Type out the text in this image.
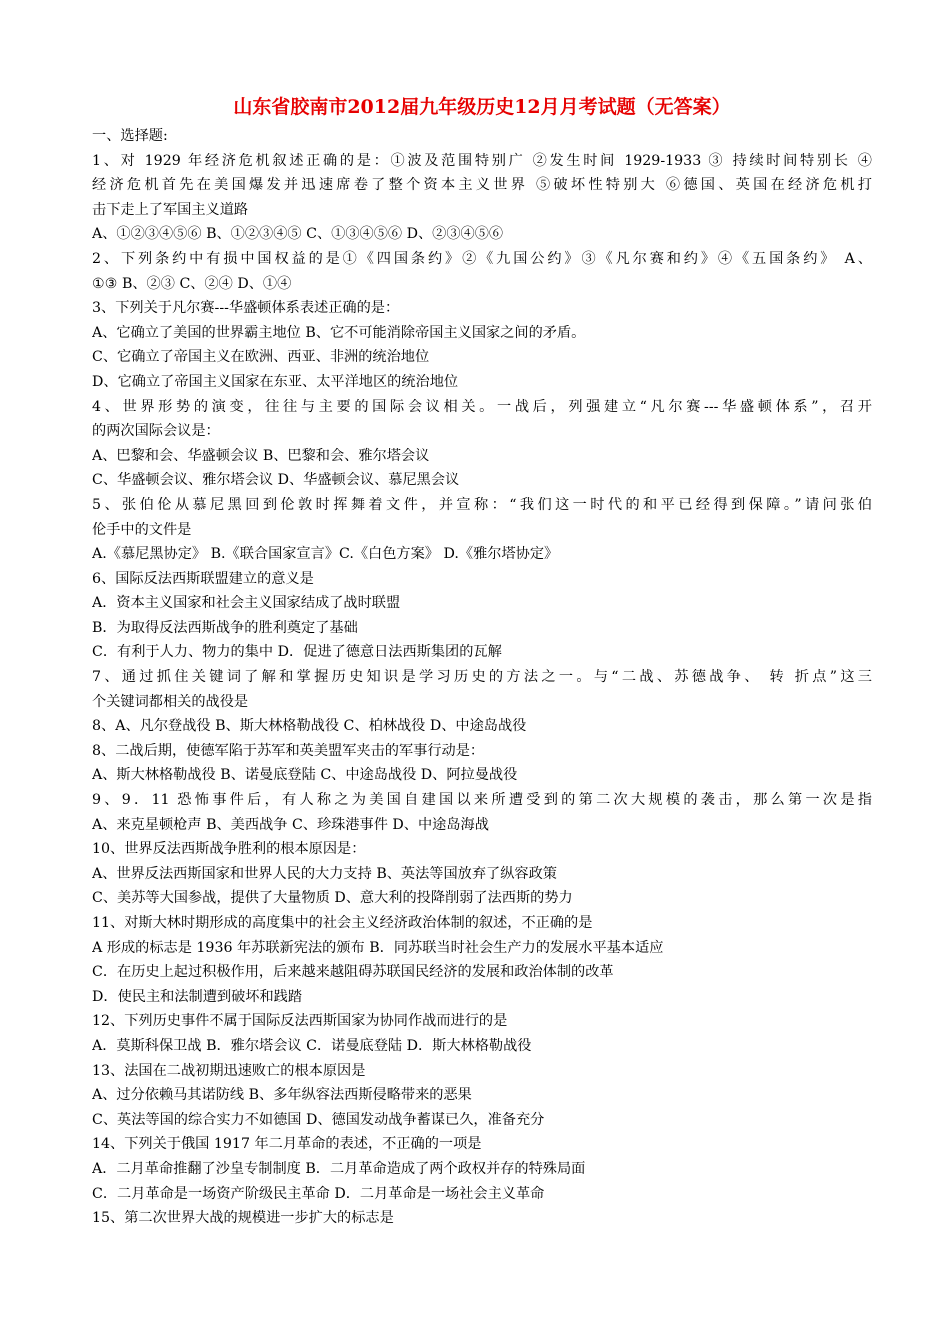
山东省胶南市2012届九年级历史12月月考试题（无答案）
一、选择题:
1、对 1929 年经济危机叙述正确的是：①波及范围特别广 ②发生时间 1929-1933 ③ 持续时间特别长 ④
经济危机首先在美国爆发并迅速席卷了整个资本主义世界 ⑤破坏性特别大 ⑥德国、英国在经济危机打
击下走上了军国主义道路
A、①②③④⑤⑥ B、①②③④⑤ C、①③④⑤⑥ D、②③④⑤⑥
2、下列条约中有损中国权益的是①《四国条约》②《九国公约》③《凡尔赛和约》④《五国条约》 A、
①③ B、②③ C、②④ D、①④
3、下列关于凡尔赛---华盛顿体系表述正确的是：
A、它确立了美国的世界霸主地位 B、它不可能消除帝国主义国家之间的矛盾。
C、它确立了帝国主义在欧洲、西亚、非洲的统治地位
D、它确立了帝国主义国家在东亚、太平洋地区的统治地位
4、世界形势的演变，往往与主要的国际会议相关。一战后，列强建立“凡尔赛---华盛顿体系”，召开
的两次国际会议是：
A、巴黎和会、华盛顿会议 B、巴黎和会、雅尔塔会议
C、华盛顿会议、雅尔塔会议 D、华盛顿会议、慕尼黑会议
5、张伯伦从慕尼黑回到伦敦时挥舞着文件，并宣称：“我们这一时代的和平已经得到保障。”请问张伯
伦手中的文件是
A.《慕尼黑协定》 B.《联合国家宣言》C.《白色方案》 D.《雅尔塔协定》
6、国际反法西斯联盟建立的意义是
A．资本主义国家和社会主义国家结成了战时联盟
B．为取得反法西斯战争的胜利奠定了基础
C．有利于人力、物力的集中 D．促进了德意日法西斯集团的瓦解
7、通过抓住关键词了解和掌握历史知识是学习历史的方法之一。与“二战、苏德战争、 转 折点”这三
个关键词都相关的战役是
8、A、凡尔登战役 B、斯大林格勒战役 C、柏林战役 D、中途岛战役
8、二战后期，使德军陷于苏军和英美盟军夹击的军事行动是：
A、斯大林格勒战役 B、诺曼底登陆 C、中途岛战役 D、阿拉曼战役
9、9．11 恐怖事件后，有人称之为美国自建国以来所遭受到的第二次大规模的袭击，那么第一次是指
A、来克星顿枪声 B、美西战争 C、珍珠港事件 D、中途岛海战
10、世界反法西斯战争胜利的根本原因是：
A、世界反法西斯国家和世界人民的大力支持 B、英法等国放弃了纵容政策
C、美苏等大国参战，提供了大量物质 D、意大利的投降削弱了法西斯的势力
11、对斯大林时期形成的高度集中的社会主义经济政治体制的叙述，不正确的是
A 形成的标志是 1936 年苏联新宪法的颁布 B．同苏联当时社会生产力的发展水平基本适应
C．在历史上起过积极作用，后来越来越阻碍苏联国民经济的发展和政治体制的改革
D．使民主和法制遭到破坏和践踏
12、下列历史事件不属于国际反法西斯国家为协同作战而进行的是
A．莫斯科保卫战 B．雅尔塔会议 C．诺曼底登陆 D．斯大林格勒战役
13、法国在二战初期迅速败亡的根本原因是
A、过分依赖马其诺防线 B、多年纵容法西斯侵略带来的恶果
C、英法等国的综合实力不如德国 D、德国发动战争蓄谋已久，准备充分
14、下列关于俄国 1917 年二月革命的表述，不正确的一项是
A．二月革命推翻了沙皇专制制度 B．二月革命造成了两个政权并存的特殊局面
C．二月革命是一场资产阶级民主革命 D．二月革命是一场社会主义革命
15、第二次世界大战的规模进一步扩大的标志是
